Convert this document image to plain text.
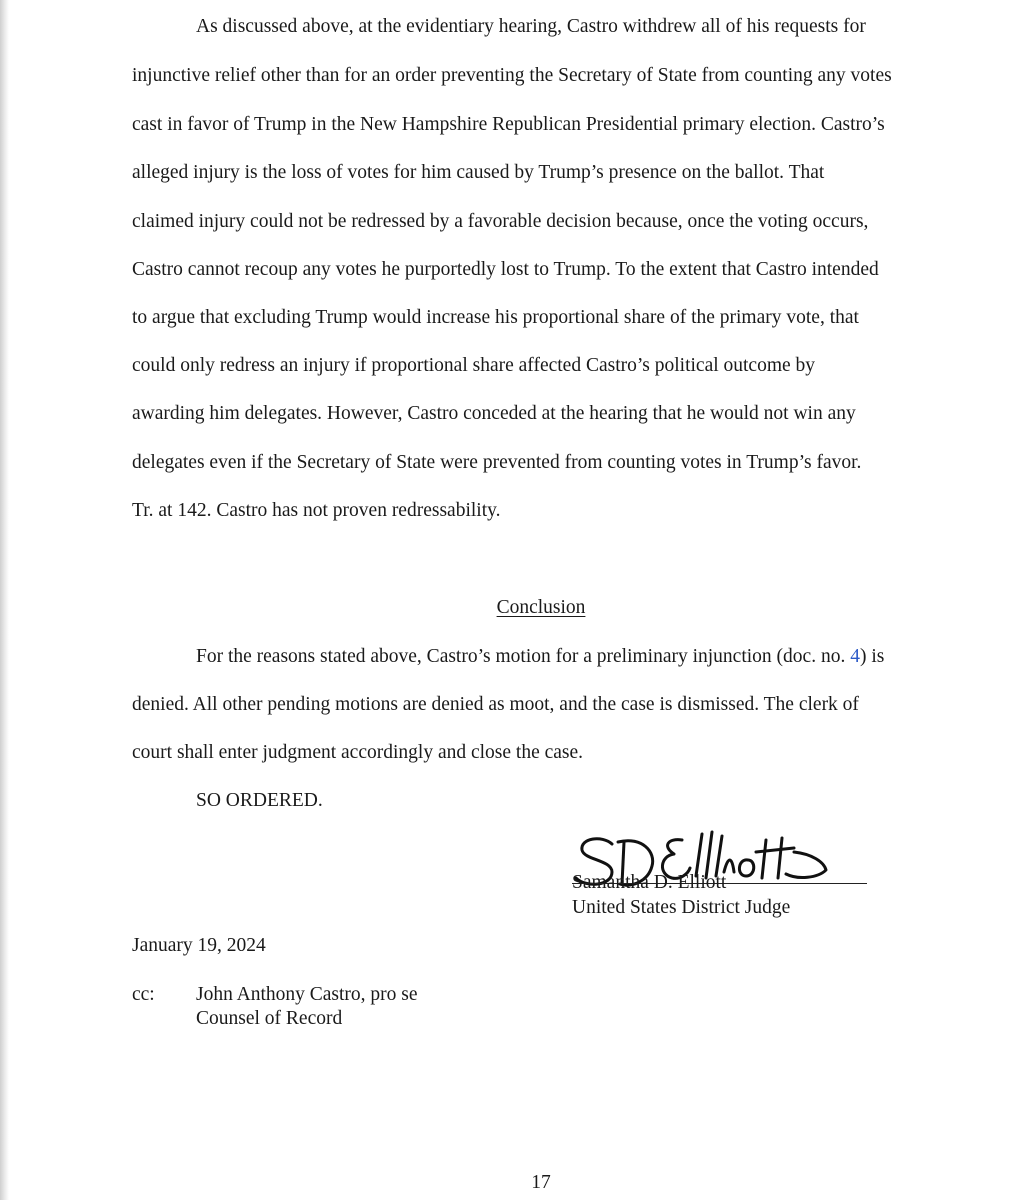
As discussed above, at the evidentiary hearing, Castro withdrew all of his requests for
injunctive relief other than for an order preventing the Secretary of State from counting any votes
cast in favor of Trump in the New Hampshire Republican Presidential primary election. Castro’s
alleged injury is the loss of votes for him caused by Trump’s presence on the ballot. That
claimed injury could not be redressed by a favorable decision because, once the voting occurs,
Castro cannot recoup any votes he purportedly lost to Trump. To the extent that Castro intended
to argue that excluding Trump would increase his proportional share of the primary vote, that
could only redress an injury if proportional share affected Castro’s political outcome by
awarding him delegates. However, Castro conceded at the hearing that he would not win any
delegates even if the Secretary of State were prevented from counting votes in Trump’s favor.
Tr. at 142. Castro has not proven redressability.
Conclusion
For the reasons stated above, Castro’s motion for a preliminary injunction (doc. no. 4) is
denied. All other pending motions are denied as moot, and the case is dismissed. The clerk of
court shall enter judgment accordingly and close the case.
SO ORDERED.
Samantha D. Elliott
United States District Judge
January 19, 2024
cc: John Anthony Castro, pro se
Counsel of Record
17
